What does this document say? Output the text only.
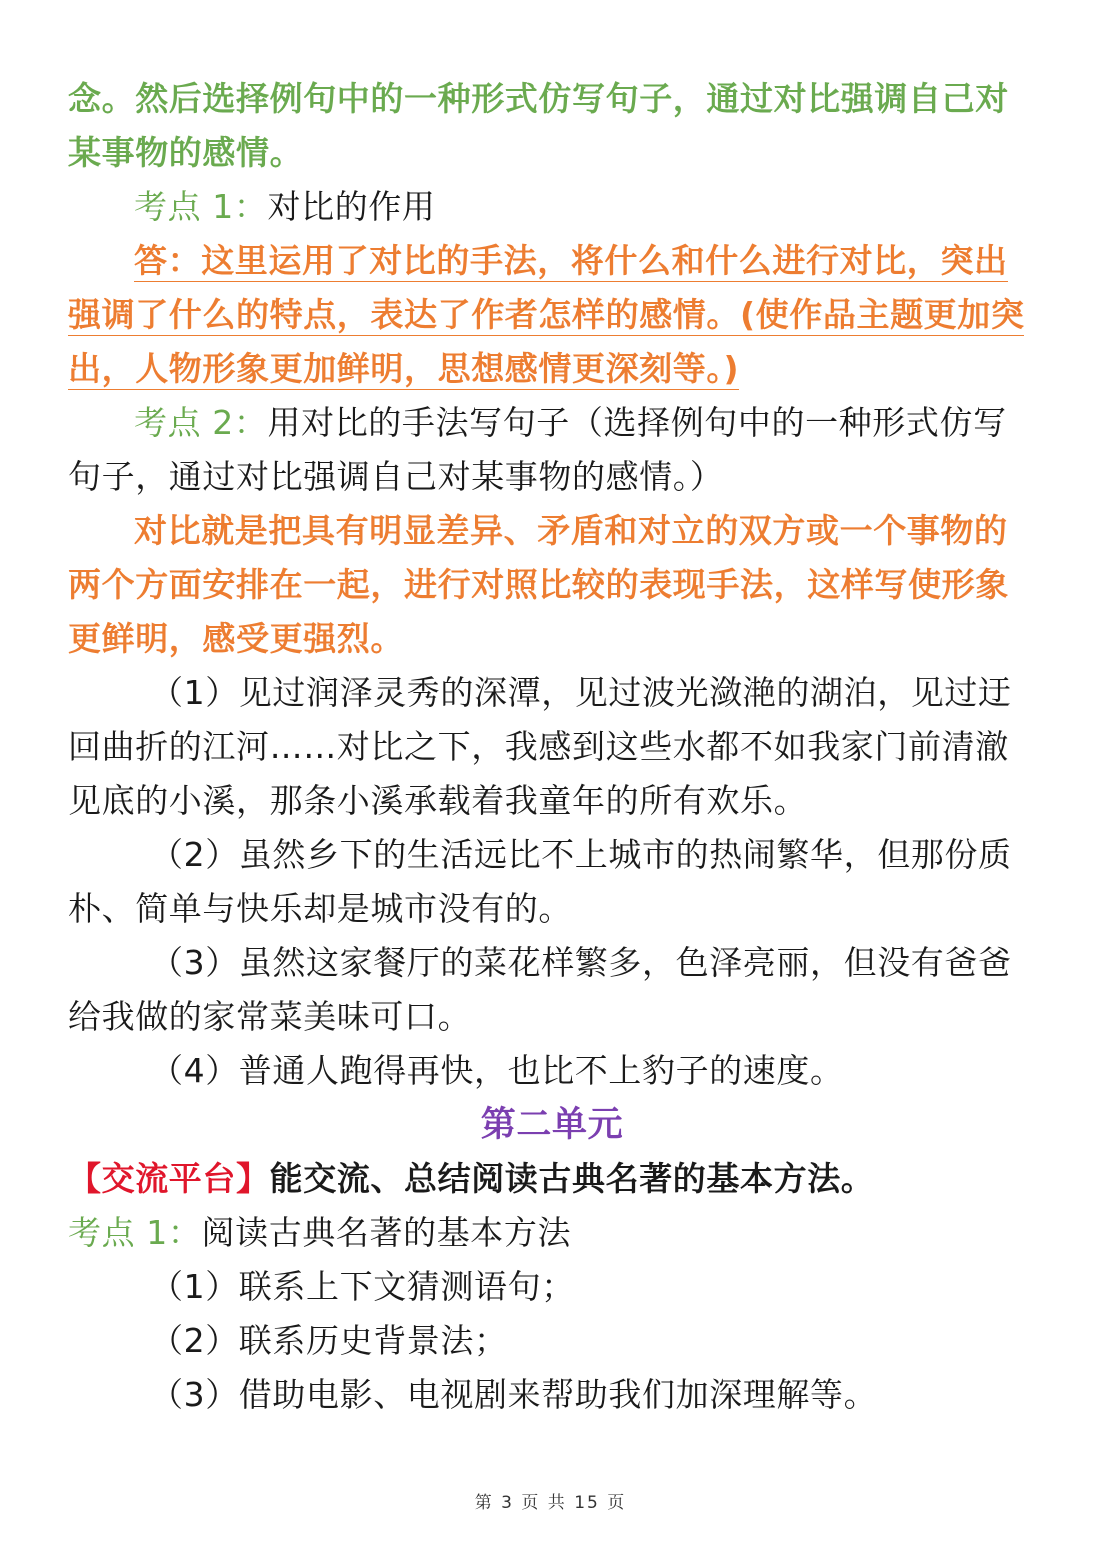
念。然后选择例句中的一种形式仿写句子，通过对比强调自己对某事物的感情。

考点 1：对比的作用

答：这里运用了对比的手法，将什么和什么进行对比，突出强调了什么的特点，表达了作者怎样的感情。(使作品主题更加突出，人物形象更加鲜明，思想感情更深刻等。)

考点 2：用对比的手法写句子（选择例句中的一种形式仿写句子，通过对比强调自己对某事物的感情。）

对比就是把具有明显差异、矛盾和对立的双方或一个事物的两个方面安排在一起，进行对照比较的表现手法，这样写使形象更鲜明，感受更强烈。

（1）见过润泽灵秀的深潭，见过波光潋滟的湖泊，见过迂回曲折的江河……对比之下，我感到这些水都不如我家门前清澈见底的小溪，那条小溪承载着我童年的所有欢乐。

（2）虽然乡下的生活远比不上城市的热闹繁华，但那份质朴、简单与快乐却是城市没有的。

（3）虽然这家餐厅的菜花样繁多，色泽亮丽，但没有爸爸给我做的家常菜美味可口。

（4）普通人跑得再快，也比不上豹子的速度。

第二单元

【交流平台】能交流、总结阅读古典名著的基本方法。

考点 1：阅读古典名著的基本方法

（1）联系上下文猜测语句；

（2）联系历史背景法；

（3）借助电影、电视剧来帮助我们加深理解等。

第 3 页 共 15 页
